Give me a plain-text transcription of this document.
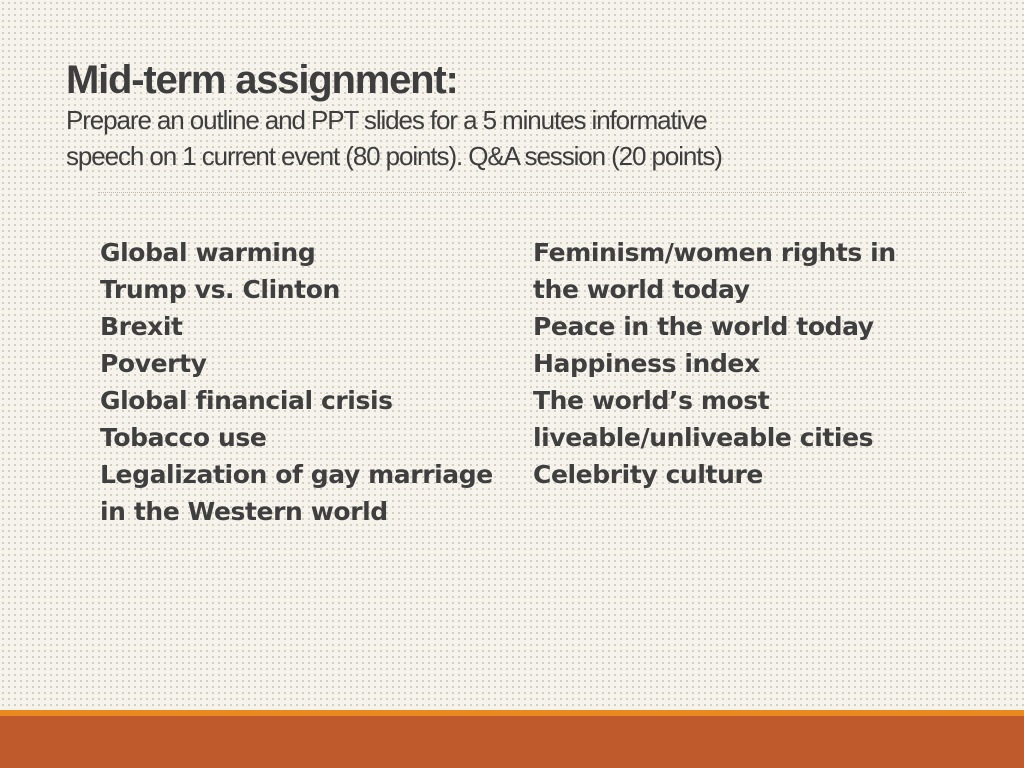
Mid-term assignment:

Prepare an outline and PPT slides for a 5 minutes informative
speech on 1 current event (80 points). Q&A session (20 points)

Global warming
Trump vs. Clinton
Brexit
Poverty
Global financial crisis
Tobacco use
Legalization of gay marriage
in the Western world
Feminism/women rights in
the world today
Peace in the world today
Happiness index
The world’s most
liveable/unliveable cities
Celebrity culture
